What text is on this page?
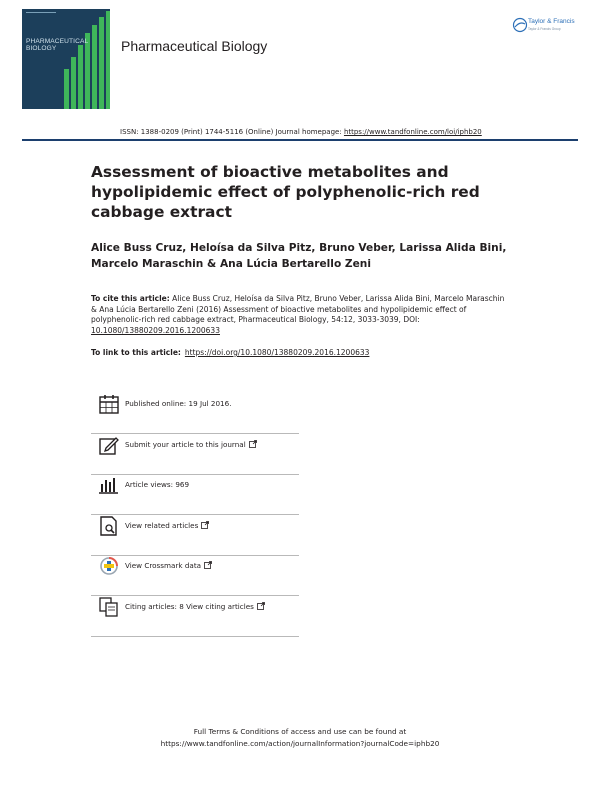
PHARMACEUTICAL
BIOLOGY	Pharmaceutical Biology
Taylor & Francis
Taylor & Francis Group
ISSN: 1388-0209 (Print) 1744-5116 (Online) Journal homepage: https://www.tandfonline.com/loi/iphb20
Assessment of bioactive metabolites and hypolipidemic effect of polyphenolic-rich red cabbage extract
Alice Buss Cruz, Heloísa da Silva Pitz, Bruno Veber, Larissa Alida Bini, Marcelo Maraschin & Ana Lúcia Bertarello Zeni
To cite this article: Alice Buss Cruz, Heloísa da Silva Pitz, Bruno Veber, Larissa Alida Bini, Marcelo Maraschin & Ana Lúcia Bertarello Zeni (2016) Assessment of bioactive metabolites and hypolipidemic effect of polyphenolic-rich red cabbage extract, Pharmaceutical Biology, 54:12, 3033-3039, DOI: 10.1080/13880209.2016.1200633
To link to this article: https://doi.org/10.1080/13880209.2016.1200633
Published online: 19 Jul 2016.
Submit your article to this journal
Article views: 969
View related articles
View Crossmark data
Citing articles: 8 View citing articles
Full Terms & Conditions of access and use can be found at
https://www.tandfonline.com/action/journalInformation?journalCode=iphb20
